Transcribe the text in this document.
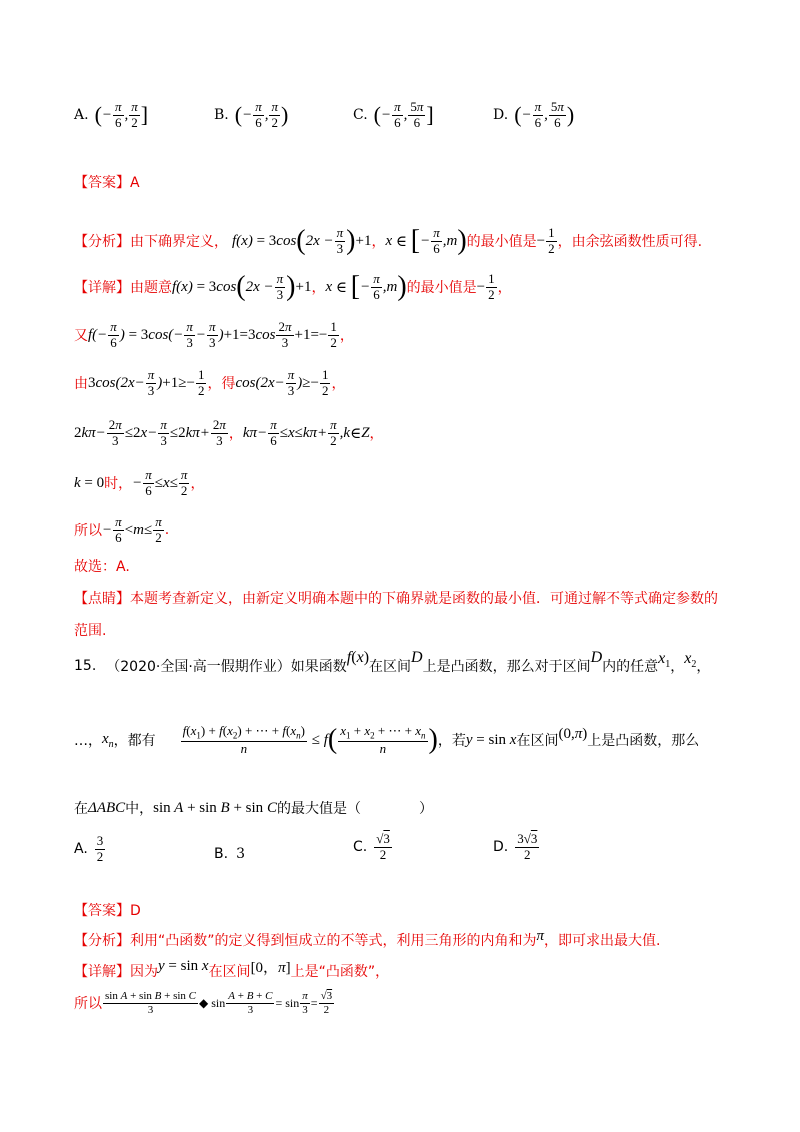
A. ( − $\frac{\pi}{6}$ , $\frac{\pi}{2}$ ]	B. ( − $\frac{\pi}{6}$ , $\frac{\pi}{2}$ )	C. ( − $\frac{\pi}{6}$ , $\frac{5\pi}{6}$ ]	D. ( − $\frac{\pi}{6}$ , $\frac{5\pi}{6}$ )
【答案】A
【分析】 由下确界定义， f(x) = 3 cos ( $2x - \frac{\pi}{3}$ ) +1 ， x ∈ [ − $\frac{\pi}{6} ,m$ ) 的最小值是 − $\frac{1}{2}$ ，由余弦函数性质可得.
【详解】 由题意 f(x) = 3 cos ( $2x - \frac{\pi}{3}$ ) +1 ， x ∈ [ − $\frac{\pi}{6} ,m$ ) 的最小值是 − $\frac{1}{2}$ ，
又 $f(- \frac{\pi}{6}$ ) = 3 $\cos(- \frac{\pi}{3} - \frac{\pi}{3}$ ) +1=3 $\cos \frac{2\pi}{3} +1=- \frac{1}{2}$ ，
由 3 $\cos(2x- \frac{\pi}{3}$ ) $+1\ge- \frac{1}{2}$ ，得 $\cos(2x- \frac{\pi}{3}$ ) ≥− $\frac{1}{2}$ ，
2 $k\pi- \frac{2\pi}{3} \le 2$ $x- \frac{\pi}{3} \le 2$ $k\pi+ \frac{2\pi}{3}$ ， $k\pi- \frac{\pi}{6} \le x \le k\pi+ \frac{\pi}{2} ,k$ ∈ Z ，
k = 0 时， − $\frac{\pi}{6} \le x \le \frac{\pi}{2}$ ，
所以 − $\frac{\pi}{6} < m \le \frac{\pi}{2}$ .
故选：A.
【点睛】本题考查新定义，由新定义明确本题中的下确界就是函数的最小值．可通过解不等式确定参数的
范围.
15. （2020·全国·高一假期作业） 如果函数
f(x)
在区间
D
上是凸函数，那么对于区间
D
内的任意
$x_1$ ，
$x_2$ ，
…， $x_n$ ， 都有 $\frac{f(x_1) + f(x_2) + \cdots + f(x_n)}{n} \le f$ ( $\frac{x_1 + x_2 + \cdots + x_n}{n}$ ) ，若 y = sin x 在区间 (0,π) 上是凸函数，那么
在 ΔABC 中， sin A + sin B + sin C 的最大值是（	）
A. $\frac{3}{2}$	B. 3	C. $\frac{√3}{2}$	D. $\frac{3√3}{2}$
【答案】D
【分析】 利用“凸函数”的定义得到恒成立的不等式，利用三角形的内角和为 π ，即可求出最大值.
【详解】 因为 y = sin x 在区间 [0，π] 上是“凸函数”，
所以 $\frac{\text{sin A + sin B + sin C}}{3}$ ◆ $\sin \frac{A + B + C}{3} = \sin \frac{\pi}{3} = \frac{√3}{2}$
